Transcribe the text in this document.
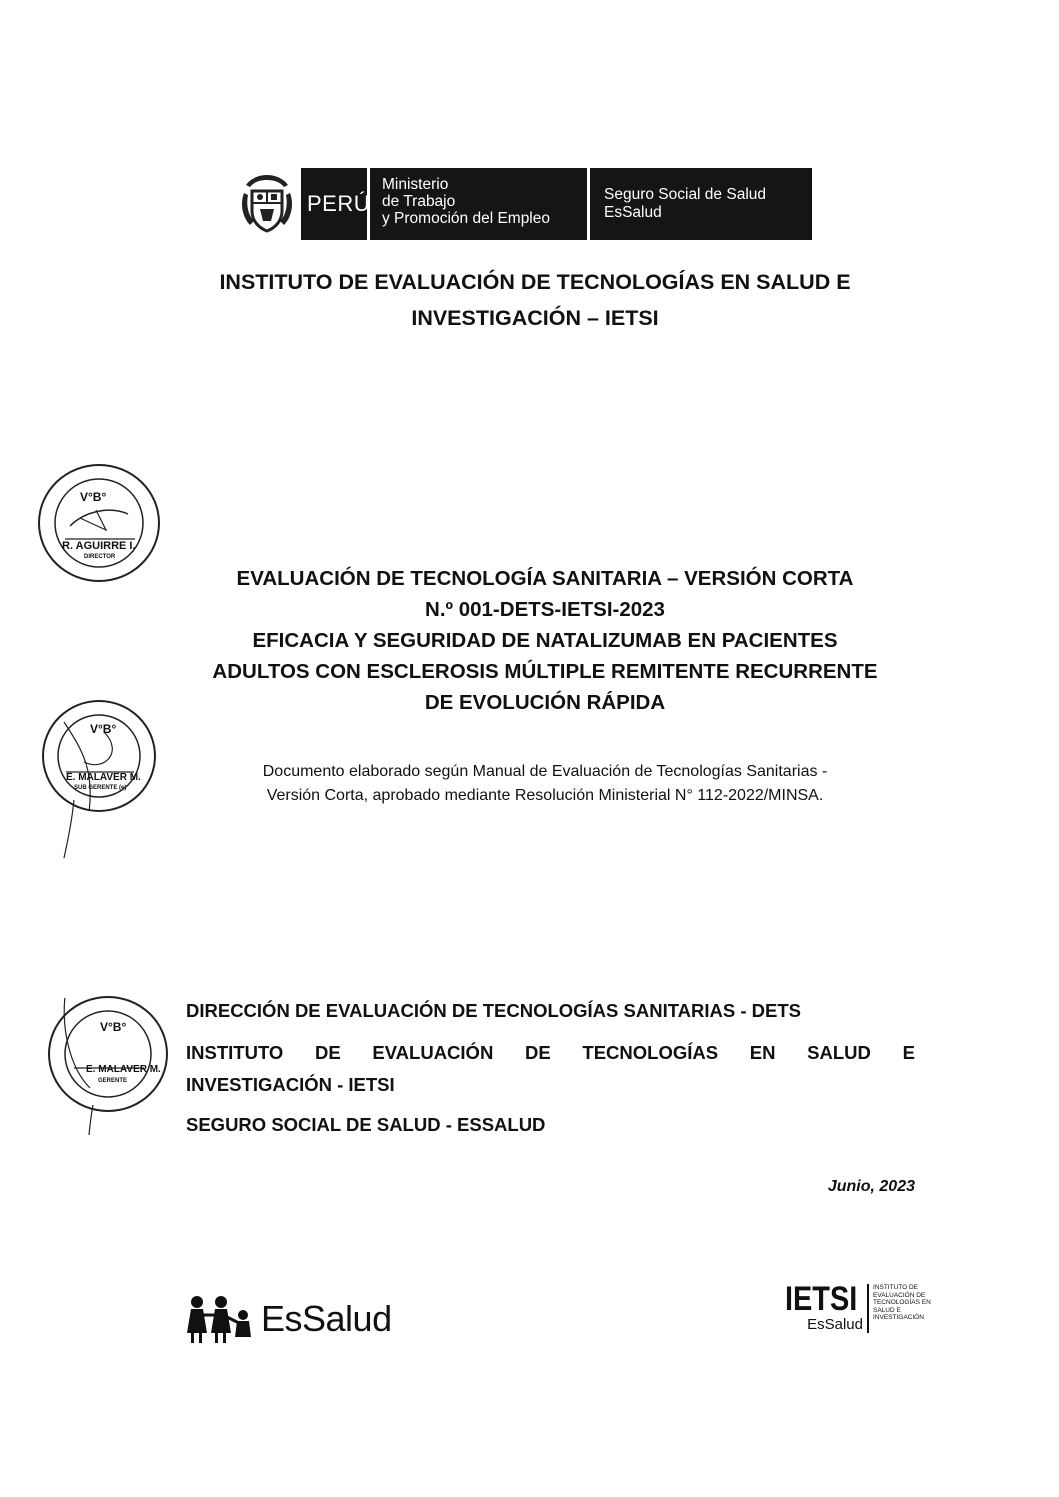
PERÚ
Ministerio
de Trabajo
y Promoción del Empleo
Seguro Social de Salud
EsSalud
INSTITUTO DE EVALUACIÓN DE TECNOLOGÍAS EN SALUD E
INVESTIGACIÓN – IETSI
V°B°
R. AGUIRRE I.
DIRECTOR
V°B°
E. MALAVER M.
SUB GERENTE (e)
EVALUACIÓN DE TECNOLOGÍA SANITARIA – VERSIÓN CORTA
N.º 001-DETS-IETSI-2023
EFICACIA Y SEGURIDAD DE NATALIZUMAB EN PACIENTES
ADULTOS CON ESCLEROSIS MÚLTIPLE REMITENTE RECURRENTE
DE EVOLUCIÓN RÁPIDA
Documento elaborado según Manual de Evaluación de Tecnologías Sanitarias -
Versión Corta, aprobado mediante Resolución Ministerial N° 112-2022/MINSA.
V°B°
E. MALAVER M.
GERENTE
DIRECCIÓN DE EVALUACIÓN DE TECNOLOGÍAS SANITARIAS - DETS
INSTITUTO DE EVALUACIÓN DE TECNOLOGÍAS EN SALUD E
INVESTIGACIÓN - IETSI
SEGURO SOCIAL DE SALUD - ESSALUD
Junio, 2023
EsSalud	IETSI
EsSalud
INSTITUTO DE
EVALUACIÓN DE
TECNOLOGÍAS EN
SALUD E
INVESTIGACIÓN
